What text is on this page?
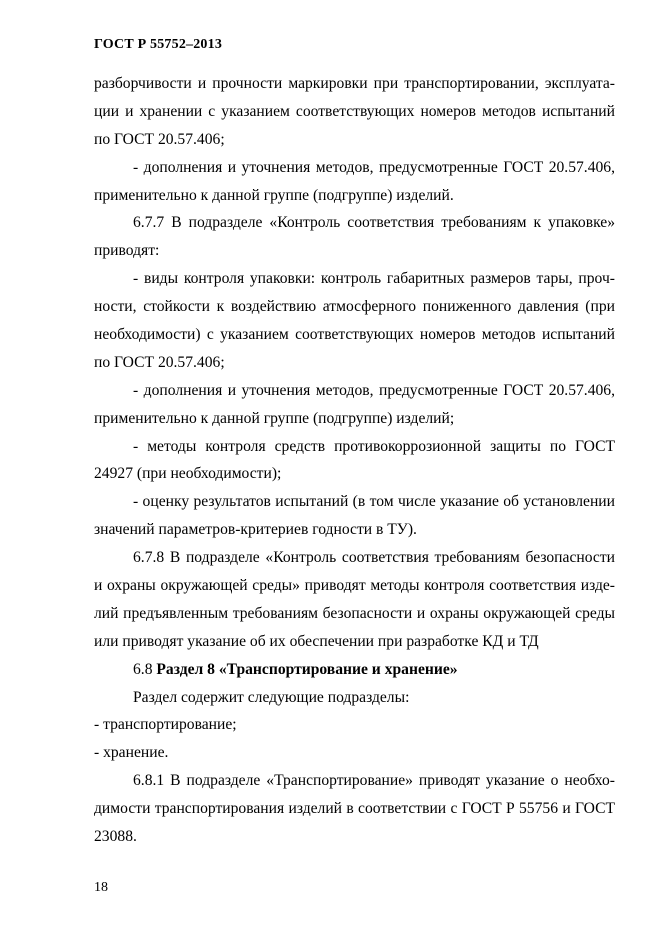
ГОСТ Р 55752–2013
разборчивости и прочности маркировки при транспортировании, эксплуата-
ции и хранении с указанием соответствующих номеров методов испытаний
по ГОСТ 20.57.406;
- дополнения и уточнения методов, предусмотренные ГОСТ 20.57.406,
применительно к данной группе (подгруппе) изделий.
6.7.7 В подразделе «Контроль соответствия требованиям к упаковке»
приводят:
- виды контроля упаковки: контроль габаритных размеров тары, проч-
ности, стойкости к воздействию атмосферного пониженного давления (при
необходимости) с указанием соответствующих номеров методов испытаний
по ГОСТ 20.57.406;
- дополнения и уточнения методов, предусмотренные ГОСТ 20.57.406,
применительно к данной группе (подгруппе) изделий;
- методы контроля средств противокоррозионной защиты по ГОСТ
24927 (при необходимости);
- оценку результатов испытаний (в том числе указание об установлении
значений параметров-критериев годности в ТУ).
6.7.8 В подразделе «Контроль соответствия требованиям безопасности
и охраны окружающей среды» приводят методы контроля соответствия изде-
лий предъявленным требованиям безопасности и охраны окружающей среды
или приводят указание об их обеспечении при разработке КД и ТД
6.8 Раздел 8 «Транспортирование и хранение»
Раздел содержит следующие подразделы:
- транспортирование;
- хранение.
6.8.1 В подразделе «Транспортирование» приводят указание о необхо-
димости транспортирования изделий в соответствии с ГОСТ Р 55756 и ГОСТ
23088.
18
